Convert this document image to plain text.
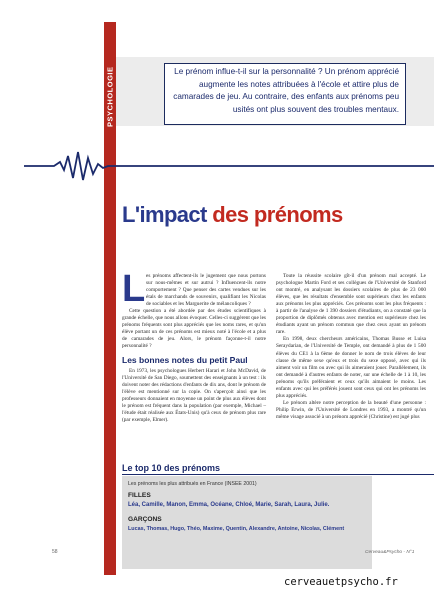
PSYCHOLOGIE	Le prénom influe-t-il sur la personnalité ? Un prénom apprécié augmente les notes attribuées à l'école et attire plus de camarades de jeu. Au contraire, des enfants aux prénoms peu usités ont plus souvent des troubles mentaux.

L'impact des prénoms
L es prénoms affectent-ils le jugement que nous portons sur nous-mêmes et sur autrui ? Influencent-ils notre comportement ? Que penser des cartes vendues sur les étals de marchands de souvenirs, qualifiant les Nicolas de sociables et les Marguerite de mélancoliques ?

Cette question a été abordée par des études scientifiques à grande échelle, que nous allons évoquer. Celles-ci suggèrent que les prénoms fréquents sont plus appréciés que les noms rares, et qu'un élève portant un de ces prénoms est mieux noté à l'école et a plus de camarades de jeu. Alors, le prénom façonne-t-il notre personnalité ?

Les bonnes notes du petit Paul

En 1973, les psychologues Herbert Harari et John McDavid, de l'Université de San Diego, soumettent des enseignants à un test : ils doivent noter des rédactions d'enfants de dix ans, dont le prénom de l'élève est mentionné sur la copie. On s'aperçoit ainsi que les professeurs donnaient en moyenne un point de plus aux élèves dont le prénom est fréquent dans la population (par exemple, Michael – l'étude était réalisée aux États-Unis) qu'à ceux de prénom plus rare (par exemple, Elmer).

Toute la réussite scolaire gît-il d'un prénom mal accepté. Le psychologue Martin Ford et ses collègues de l'Université de Stanford ont montré, en analysant les dossiers scolaires de plus de 23 000 élèves, que les résultats d'ensemble sont supérieurs chez les enfants aux prénoms les plus appréciés. Ces prénoms sont les plus fréquents : à partir de l'analyse de 1 390 dossiers d'étudiants, on a constaté que la proportion de diplômés obtenus avec mention est supérieure chez les étudiants ayant un prénom commun que chez ceux ayant un prénom rare.

En 1998, deux chercheurs américains, Thomas Busse et Luisa Seraydarian, de l'Université de Temple, ont demandé à plus de 1 500 élèves du CE1 à la 6ème de donner le nom de trois élèves de leur classe de même sexe qu'eux et trois du sexe opposé, avec qui ils aiment voir un film ou avec qui ils aimeraient jouer. Parallèlement, ils ont demandé à d'autres enfants de noter, sur une échelle de 1 à 10, les prénoms qu'ils préféraient et ceux qu'ils aimaient le moins. Les enfants avec qui les préférés jouent sont ceux qui ont les prénoms les plus appréciés.

Le prénom altère notre perception de la beauté d'une personne : Philip Erwin, de l'Université de Londres en 1993, a montré qu'un même visage associé à un prénom apprécié (Christine) est jugé plus

Le top 10 des prénoms
Les prénoms les plus attribués en France (INSEE 2001)
FILLES
Léa, Camille, Manon, Emma, Océane, Chloé, Marie, Sarah, Laura, Julie.
GARÇONS
Lucas, Thomas, Hugo, Théo, Maxime, Quentin, Alexandre, Antoine, Nicolas, Clément
58	Cerveau&Psycho - N°1
cerveauetpsycho.fr
